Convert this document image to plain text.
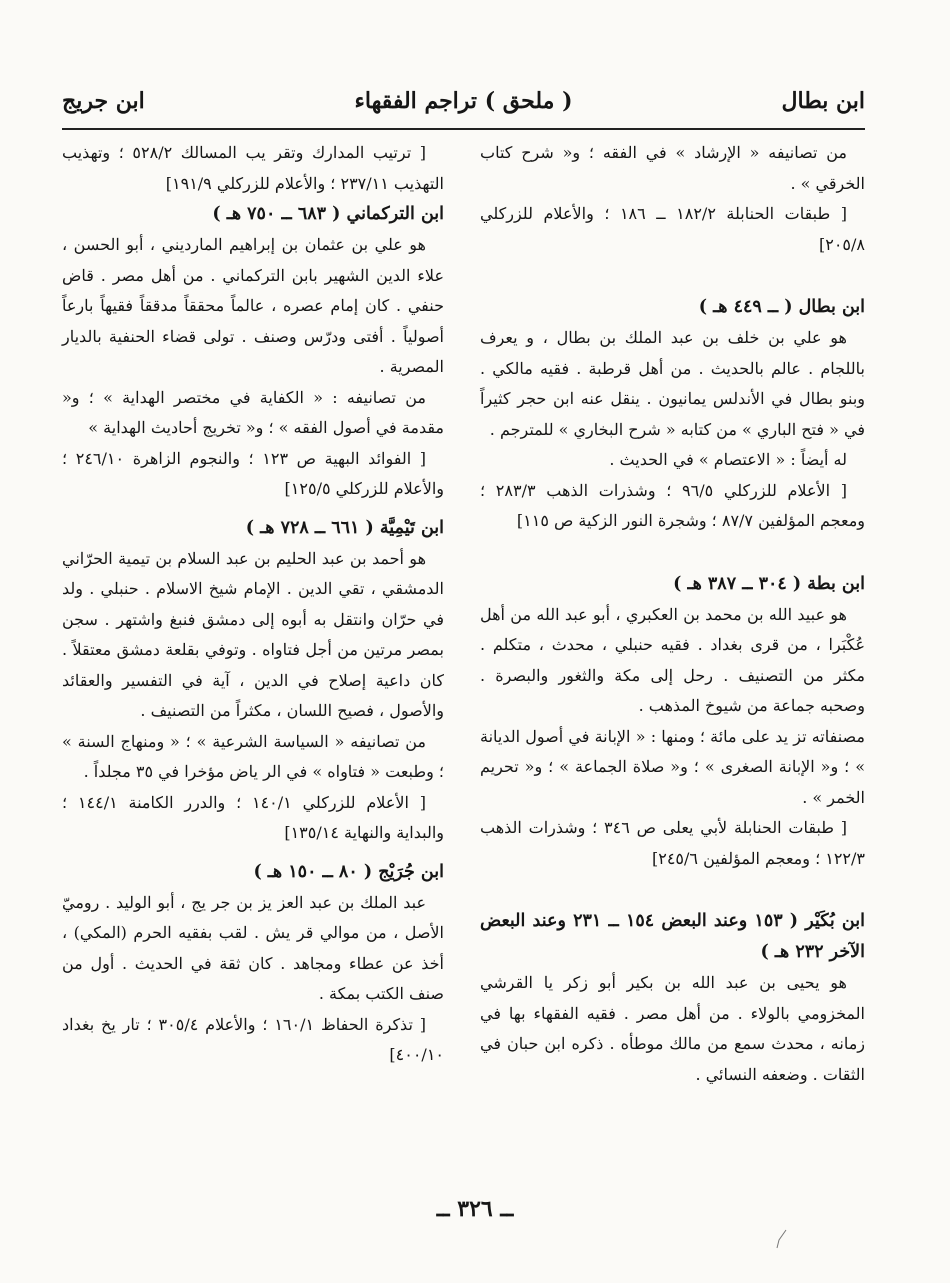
ابن بطال
( ملحق ) تراجم الفقهاء
ابن جريج

من تصانيفه « الإرشاد » في الفقه ؛ و« شرح كتاب الخرقي » .

[ طبقات الحنابلة ١٨٢/٢ ــ ١٨٦ ؛ والأعلام للزركلي ٢٠٥/٨]

ابن بطال ( ــ ٤٤٩ هـ )

هو علي بن خلف بن عبد الملك بن بطال ، و يعرف باللجام . عالم بالحديث . من أهل قرطبة . فقيه مالكي . وبنو بطال في الأندلس يمانيون . ينقل عنه ابن حجر كثيراً في « فتح الباري » من كتابه « شرح البخاري » للمترجم .

له أيضاً : « الاعتصام » في الحديث .

[ الأعلام للزركلي ٩٦/٥ ؛ وشذرات الذهب ٢٨٣/٣ ؛ ومعجم المؤلفين ٨٧/٧ ؛ وشجرة النور الزكية ص ١١٥]

ابن بطة ( ٣٠٤ ــ ٣٨٧ هـ )

هو عبيد الله بن محمد بن العكبري ، أبو عبد الله من أهل عُكْبَرا ، من قرى بغداد . فقيه حنبلي ، محدث ، متكلم . مكثر من التصنيف . رحل إلى مكة والثغور والبصرة . وصحبه جماعة من شيوخ المذهب .

مصنفاته تز يد على مائة ؛ ومنها : « الإبانة في أصول الديانة » ؛ و« الإبانة الصغرى » ؛ و« صلاة الجماعة » ؛ و« تحريم الخمر » .

[ طبقات الحنابلة لأبي يعلى ص ٣٤٦ ؛ وشذرات الذهب ١٢٢/٣ ؛ ومعجم المؤلفين ٢٤٥/٦]

ابن بُكَيْر ( ١٥٣ وعند البعض ١٥٤ ــ ٢٣١ وعند البعض الآخر ٢٣٢ هـ )

هو يحيى بن عبد الله بن بكير أبو زكر يا القرشي المخزومي بالولاء . من أهل مصر . فقيه الفقهاء بها في زمانه ، محدث سمع من مالك موطأه . ذكره ابن حبان في الثقات . وضعفه النسائي .

[ ترتيب المدارك وتقر يب المسالك ٥٢٨/٢ ؛ وتهذيب التهذيب ٢٣٧/١١ ؛ والأعلام للزركلي ١٩١/٩]

ابن التركماني ( ٦٨٣ ــ ٧٥٠ هـ )

هو علي بن عثمان بن إبراهيم المارديني ، أبو الحسن ، علاء الدين الشهير بابن التركماني . من أهل مصر . قاض حنفي . كان إمام عصره ، عالماً محققاً مدققاً فقيهاً بارعاً أصولياً . أفتى ودرّس وصنف . تولى قضاء الحنفية بالديار المصرية .

من تصانيفه : « الكفاية في مختصر الهداية » ؛ و« مقدمة في أصول الفقه » ؛ و« تخريج أحاديث الهداية »

[ الفوائد البهية ص ١٢٣ ؛ والنجوم الزاهرة ٢٤٦/١٠ ؛ والأعلام للزركلي ١٢٥/٥]

ابن تَيْمِيَّة ( ٦٦١ ــ ٧٢٨ هـ )

هو أحمد بن عبد الحليم بن عبد السلام بن تيمية الحرّاني الدمشقي ، تقي الدين . الإمام شيخ الاسلام . حنبلي . ولد في حرّان وانتقل به أبوه إلى دمشق فنبغ واشتهر . سجن بمصر مرتين من أجل فتاواه . وتوفي بقلعة دمشق معتقلاً . كان داعية إصلاح في الدين ، آية في التفسير والعقائد والأصول ، فصيح اللسان ، مكثراً من التصنيف .

من تصانيفه « السياسة الشرعية » ؛ « ومنهاج السنة » ؛ وطبعت « فتاواه » في الر ياض مؤخرا في ٣٥ مجلداً .

[ الأعلام للزركلي ١٤٠/١ ؛ والدرر الكامنة ١٤٤/١ ؛ والبداية والنهاية ١٣٥/١٤]

ابن جُرَيْج ( ٨٠ ــ ١٥٠ هـ )

عبد الملك بن عبد العز يز بن جر يج ، أبو الوليد . روميّ الأصل ، من موالي قر يش . لقب بفقيه الحرم (المكي) ، أخذ عن عطاء ومجاهد . كان ثقة في الحديث . أول من صنف الكتب بمكة .

[ تذكرة الحفاظ ١٦٠/١ ؛ والأعلام ٣٠٥/٤ ؛ تار يخ بغداد ٤٠٠/١٠]

ــ ٣٢٦ ــ
